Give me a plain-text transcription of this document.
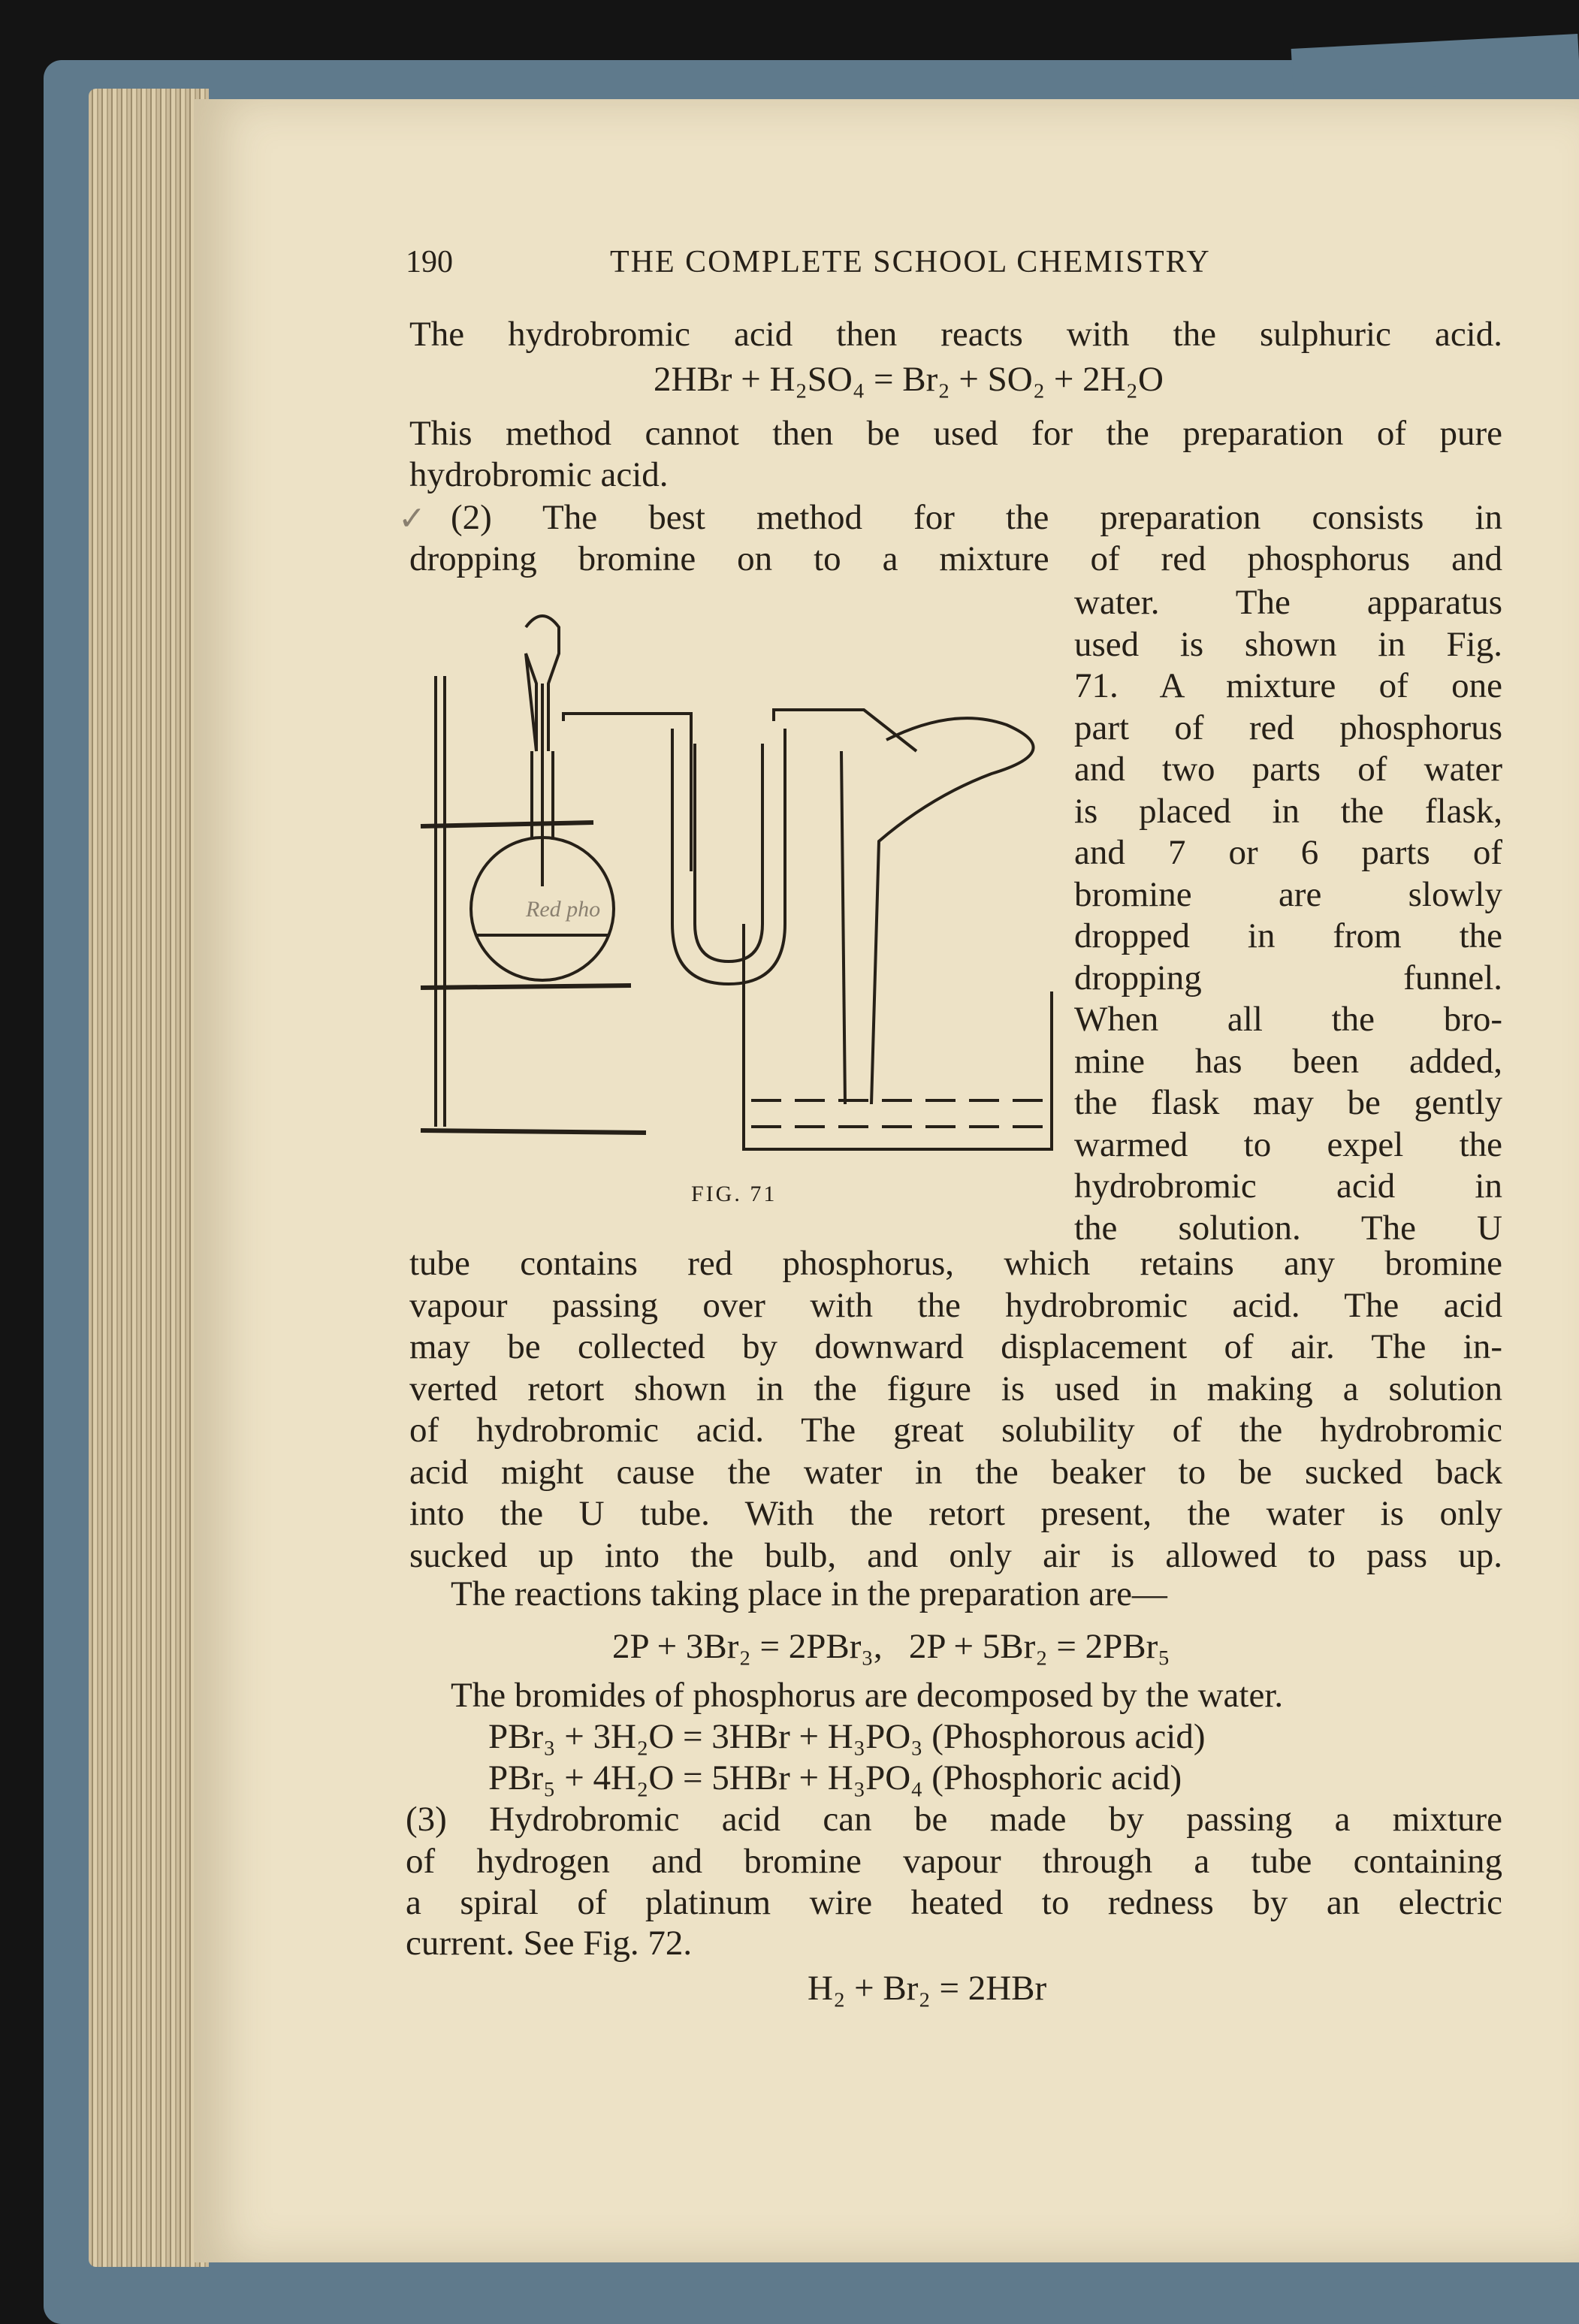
190	THE COMPLETE SCHOOL CHEMISTRY
The hydrobromic acid then reacts with the sulphuric acid.
2HBr + H₂SO₄ = Br₂ + SO₂ + 2H₂O
This method cannot then be used for the preparation of pure
hydrobromic acid.
(2) The best method for the preparation consists in
dropping bromine on to a mixture of red phosphorus and
water. The apparatus
used is shown in Fig.
71. A mixture of one
part of red phosphorus
and two parts of water
is placed in the flask,
and 7 or 6 parts of
bromine are slowly
dropped in from the
dropping funnel.
When all the bro-
mine has been added,
the flask may be gently
warmed to expel the
hydrobromic acid in
the solution. The U
Red pho
FIG. 71
tube contains red phosphorus, which retains any bromine
vapour passing over with the hydrobromic acid. The acid
may be collected by downward displacement of air. The in-
verted retort shown in the figure is used in making a solution
of hydrobromic acid. The great solubility of the hydrobromic
acid might cause the water in the beaker to be sucked back
into the U tube. With the retort present, the water is only
sucked up into the bulb, and only air is allowed to pass up.
The reactions taking place in the preparation are—
2P + 3Br₂ = 2PBr₃,   2P + 5Br₂ = 2PBr₅
The bromides of phosphorus are decomposed by the water.
PBr₃ + 3H₂O = 3HBr + H₃PO₃ (Phosphorous acid)
PBr₅ + 4H₂O = 5HBr + H₃PO₄ (Phosphoric acid)
(3) Hydrobromic acid can be made by passing a mixture
of hydrogen and bromine vapour through a tube containing
a spiral of platinum wire heated to redness by an electric
current. See Fig. 72.
H₂ + Br₂ = 2HBr
✓
